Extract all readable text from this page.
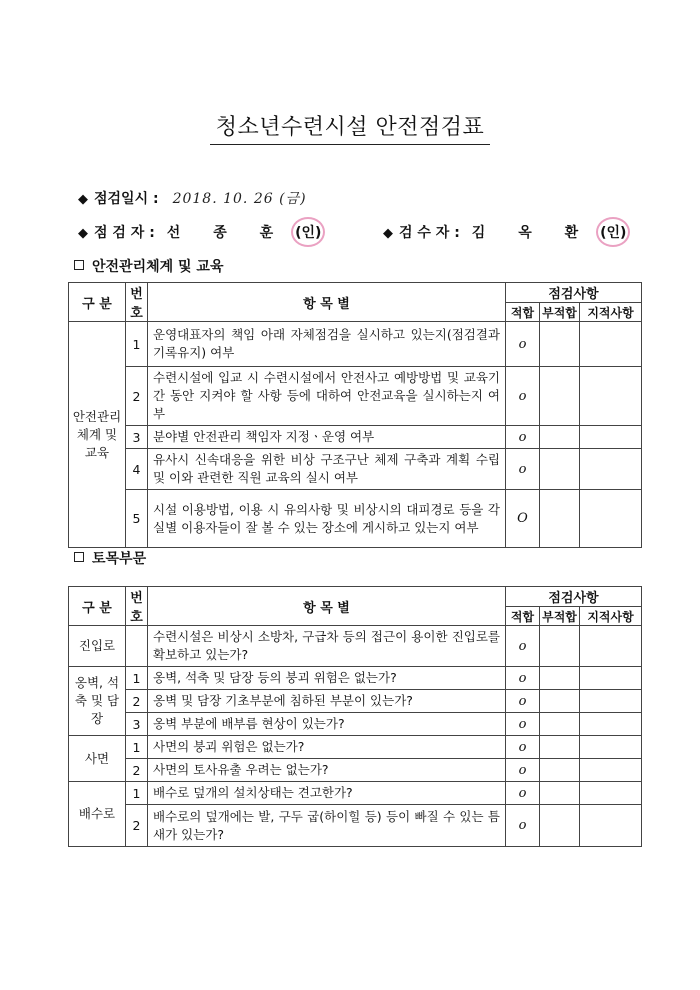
청소년수련시설 안전점검표
◆ 점검일시 : 2018. 10. 26 (금)
◆ 점 검 자 : 선 종 훈 (인)	◆ 검 수 자 : 김 옥 환 (인)
안전관리체계 및 교육
구 분	번호	항 목 별	점검사항		
			적합	부적합	지적사항
안전관리 체계 및 교육	1	운영대표자의 책임 아래 자체점검을 실시하고 있는지(점검결과 기록유지) 여부	o		
	2	수련시설에 입교 시 수련시설에서 안전사고 예방방법 및 교육기간 동안 지켜야 할 사항 등에 대하여 안전교육을 실시하는지 여부	o		
	3	분야별 안전관리 책임자 지정ㆍ운영 여부	o		
	4	유사시 신속대응을 위한 비상 구조구난 체제 구축과 계획 수립 및 이와 관련한 직원 교육의 실시 여부	o		
	5	시설 이용방법, 이용 시 유의사항 및 비상시의 대피경로 등을 각 실별 이용자들이 잘 볼 수 있는 장소에 게시하고 있는지 여부	O		
토목부문
구 분	번호	항 목 별	점검사항		
			적합	부적합	지적사항
진입로		수련시설은 비상시 소방차, 구급차 등의 접근이 용이한 진입로를 확보하고 있는가?	o		
옹벽, 석축 및 담장	1	옹벽, 석축 및 담장 등의 붕괴 위험은 없는가?	o		
	2	옹벽 및 담장 기초부분에 침하된 부분이 있는가?	o		
	3	옹벽 부분에 배부름 현상이 있는가?	o		
사면	1	사면의 붕괴 위험은 없는가?	o		
	2	사면의 토사유출 우려는 없는가?	o		
배수로	1	배수로 덮개의 설치상태는 견고한가?	o		
	2	배수로의 덮개에는 발, 구두 굽(하이힐 등) 등이 빠질 수 있는 틈새가 있는가?	o		
